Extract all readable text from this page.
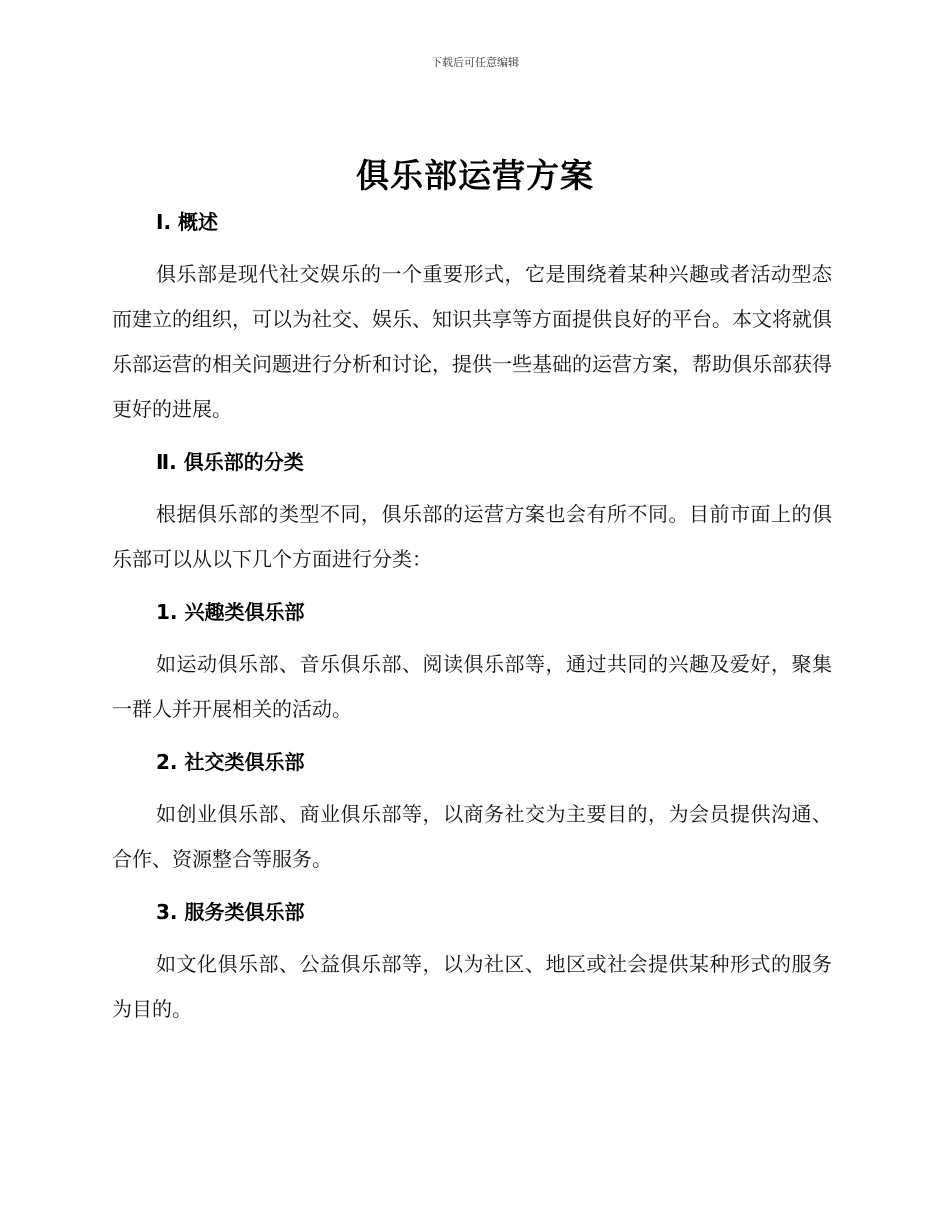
下载后可任意编辑
俱乐部运营方案
Ⅰ. 概述

俱乐部是现代社交娱乐的一个重要形式，它是围绕着某种兴趣或者活动型态而建立的组织，可以为社交、娱乐、知识共享等方面提供良好的平台。本文将就俱乐部运营的相关问题进行分析和讨论，提供一些基础的运营方案，帮助俱乐部获得更好的进展。

Ⅱ. 俱乐部的分类

根据俱乐部的类型不同，俱乐部的运营方案也会有所不同。目前市面上的俱乐部可以从以下几个方面进行分类：

1. 兴趣类俱乐部

如运动俱乐部、音乐俱乐部、阅读俱乐部等，通过共同的兴趣及爱好，聚集一群人并开展相关的活动。

2. 社交类俱乐部

如创业俱乐部、商业俱乐部等，以商务社交为主要目的，为会员提供沟通、合作、资源整合等服务。

3. 服务类俱乐部

如文化俱乐部、公益俱乐部等，以为社区、地区或社会提供某种形式的服务为目的。
